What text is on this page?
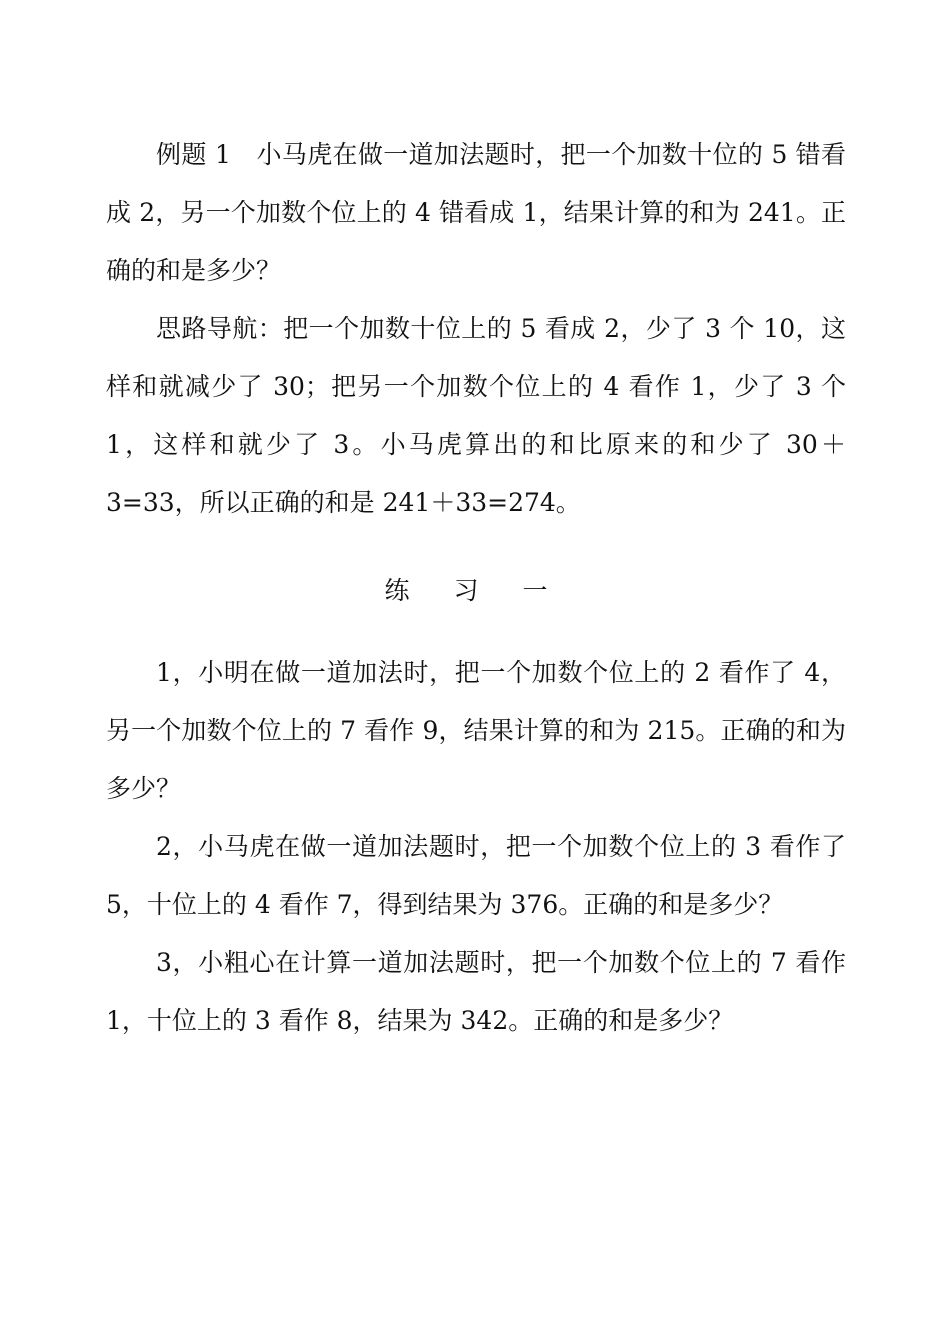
例题 1　小马虎在做一道加法题时，把一个加数十位的 5 错看成 2，另一个加数个位上的 4 错看成 1，结果计算的和为 241。正确的和是多少？

思路导航：把一个加数十位上的 5 看成 2，少了 3 个 10，这样和就减少了 30；把另一个加数个位上的 4 看作 1，少了 3 个 1，这样和就少了 3。小马虎算出的和比原来的和少了 30＋3=33，所以正确的和是 241＋33=274。

练 习 一

1，小明在做一道加法时，把一个加数个位上的 2 看作了 4，另一个加数个位上的 7 看作 9，结果计算的和为 215。正确的和为多少？

2，小马虎在做一道加法题时，把一个加数个位上的 3 看作了 5，十位上的 4 看作 7，得到结果为 376。正确的和是多少？

3，小粗心在计算一道加法题时，把一个加数个位上的 7 看作 1，十位上的 3 看作 8，结果为 342。正确的和是多少？
